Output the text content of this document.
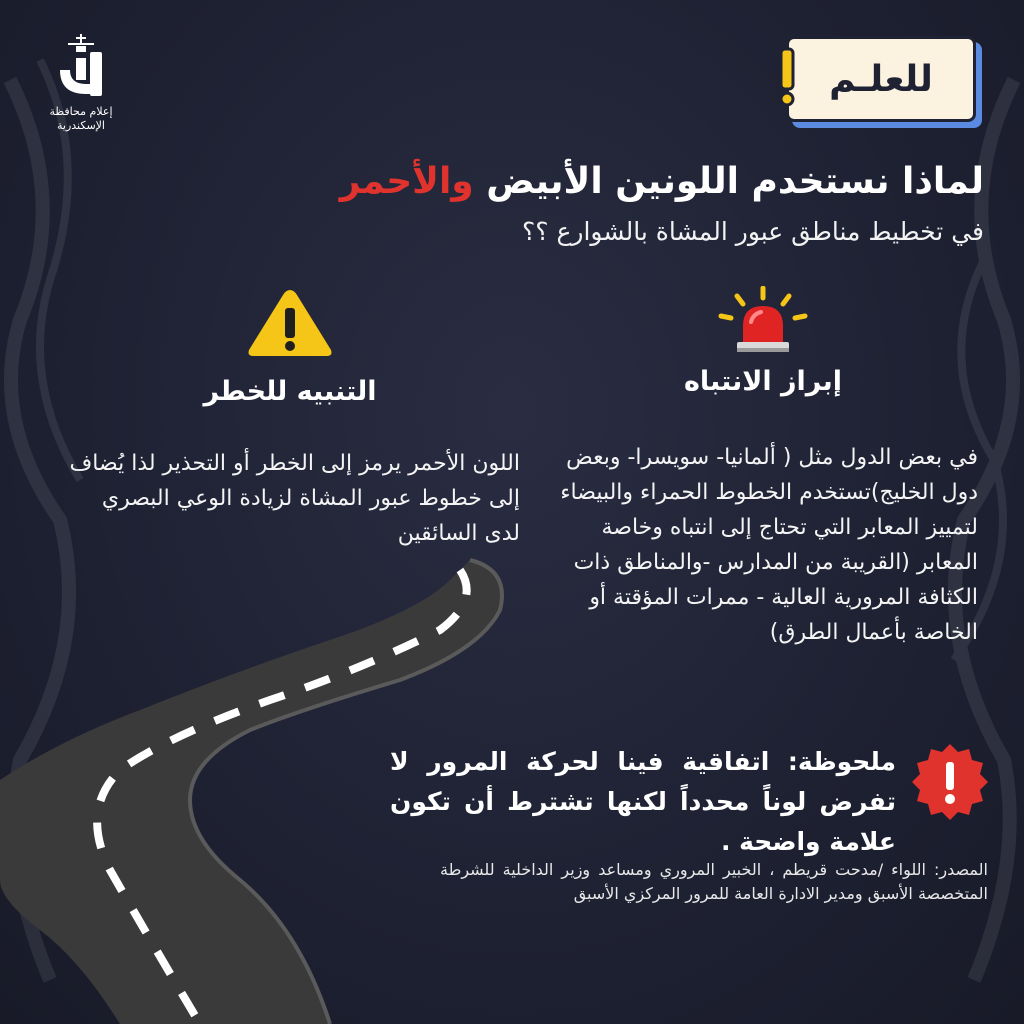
إعلام محافظة
الإسكندرية
للعلـم
لماذا نستخدم اللونين الأبيض والأحمر
في تخطيط مناطق عبور المشاة بالشوارع ؟؟
إبراز الانتباه

في بعض الدول مثل ( ألمانيا- سويسرا- وبعض دول الخليج)تستخدم الخطوط الحمراء والبيضاء لتمييز المعابر التي تحتاج إلى انتباه وخاصة المعابر (القريبة من المدارس -والمناطق ذات الكثافة المرورية العالية - ممرات المؤقتة أو الخاصة بأعمال الطرق)

التنبيه للخطر

اللون الأحمر يرمز إلى الخطر أو التحذير لذا يُضاف إلى خطوط عبور المشاة لزيادة الوعي البصري لدى السائقين

ملحوظة: اتفاقية فينا لحركة المرور لا تفرض لوناً محدداً لكنها تشترط أن تكون علامة واضحة .
المصدر: اللواء /مدحت قريطم ، الخبير المروري ومساعد وزير الداخلية للشرطة المتخصصة الأسبق ومدير الادارة العامة للمرور المركزي الأسبق
